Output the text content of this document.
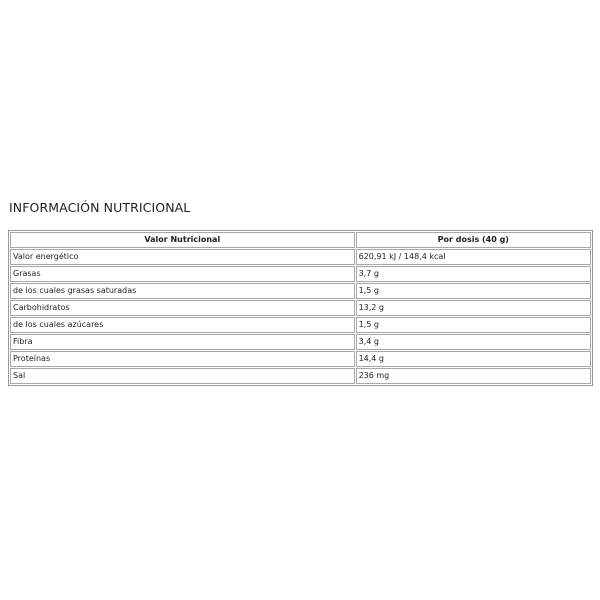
INFORMACIÓN NUTRICIONAL
Valor Nutricional	Por dosis (40 g)
Valor energético	620,91 kJ / 148,4 kcal
Grasas	3,7 g
de los cuales grasas saturadas	1,5 g
Carbohidratos	13,2 g
de los cuales azúcares	1,5 g
Fibra	3,4 g
Proteínas	14,4 g
Sal	236 mg
